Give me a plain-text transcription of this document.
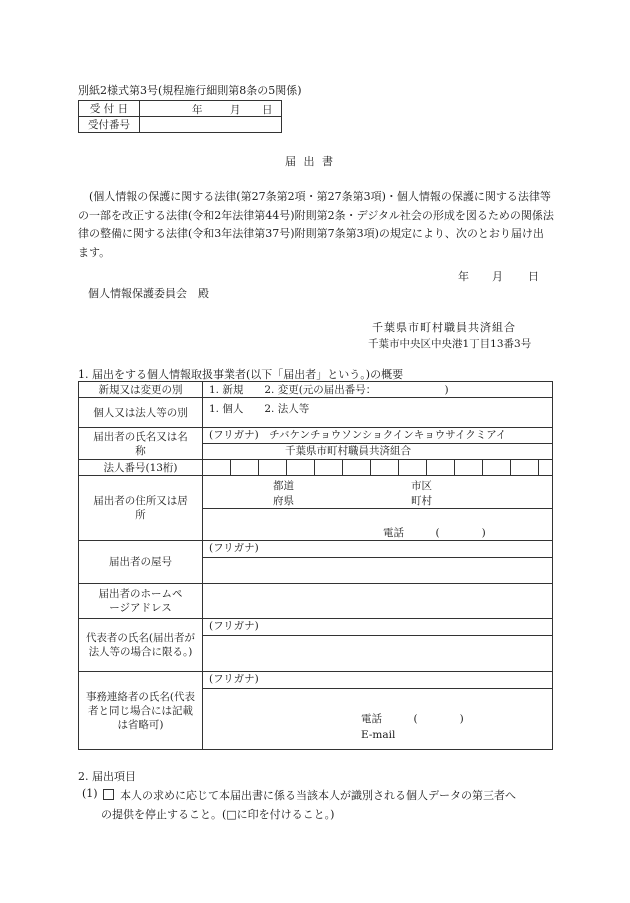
別紙2様式第3号(規程施行細則第8条の5関係)
受 付 日	年 月 日

受付番号	
届 出 書
(個人情報の保護に関する法律(第27条第2項・第27条第3項)・個人情報の保護に関する法律等の一部を改正する法律(令和2年法律第44号)附則第2条・デジタル社会の形成を図るための関係法律の整備に関する法律(令和3年法律第37号)附則第7条第3項)の規定により、次のとおり届け出ます。
年 月 日
個人情報保護委員会　殿
千葉県市町村職員共済組合
千葉市中央区中央港1丁目13番3号
1. 届出をする個人情報取扱事業者(以下「届出者」という。)の概要
新規又は変更の別	1. 新規　　2. 変更(元の届出番号：　　　　　　　)
個人又は法人等の別	1. 個人　　2. 法人等
届出者の氏名又は名称	(フリガナ)　チバケンチョウソンショクインキョウサイクミアイ
千葉県市町村職員共済組合

法人番号(13桁)	

届出者の住所又は居所	都道
府県
市区
町村
電話　　　(　　　　)

届出者の屋号	(フリガナ)

届出者のホームページアドレス	
代表者の氏名(届出者が法人等の場合に限る。)	(フリガナ)

事務連絡者の氏名(代表者と同じ場合には記載は省略可)	(フリガナ)
電話　　　(　　　　)
E-mail
2. 届出項目
(1) 本人の求めに応じて本届出書に係る当該本人が識別される個人データの第三者へ
の提供を停止すること。(□に印を付けること。)
